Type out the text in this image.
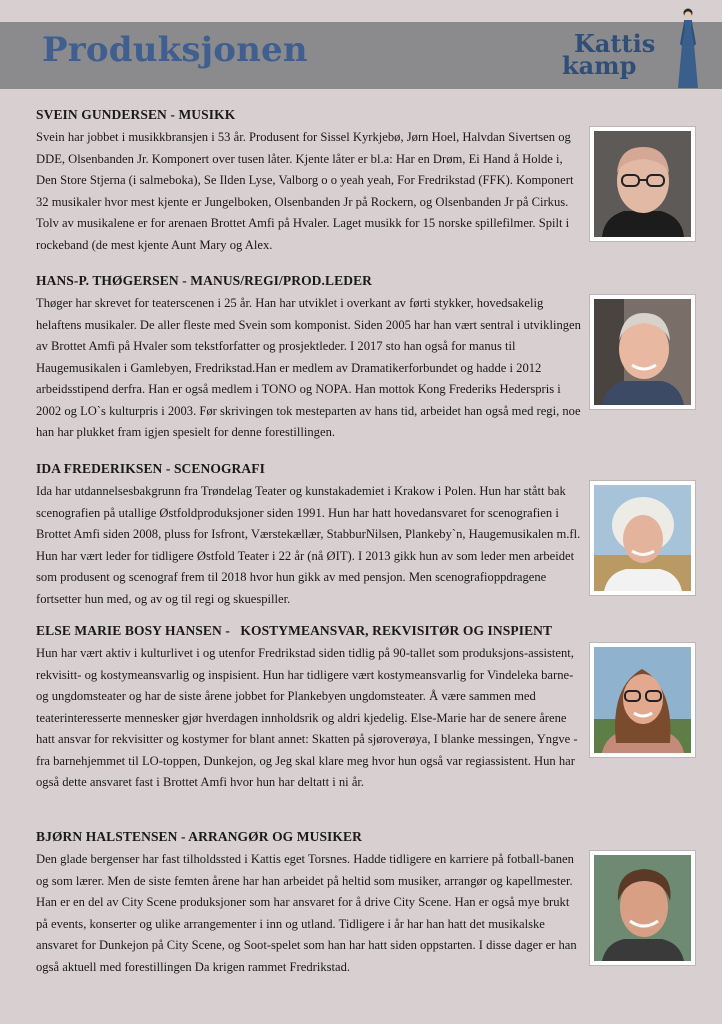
Produksjonen	Kattis
kamp
SVEIN GUNDERSEN - MUSIKK
Svein har jobbet i musikkbransjen i 53 år. Produsent for Sissel Kyrkjebø, Jørn Hoel, Halvdan Sivertsen og DDE, Olsenbanden Jr. Komponert over tusen låter. Kjente låter er bl.a: Har en Drøm, Ei Hand å Holde i, Den Store Stjerna (i salmeboka), Se Ilden Lyse, Valborg o o yeah yeah, For Fredrikstad (FFK). Komponert 32 musikaler hvor mest kjente er Jungelboken, Olsenbanden Jr på Rockern, og Olsenbanden Jr på Cirkus. Tolv av musikalene er for arenaen Brottet Amfi på Hvaler. Laget musikk for 15 norske spillefilmer. Spilt i rockeband (de mest kjente Aunt Mary og Alex.
HANS-P. THØGERSEN - MANUS/REGI/PROD.LEDER
Thøger har skrevet for teaterscenen i 25 år. Han har utviklet i overkant av førti stykker, hovedsakelig helaftens musikaler. De aller fleste med Svein som komponist. Siden 2005 har han vært sentral i utviklingen av Brottet Amfi på Hvaler som tekstforfatter og prosjektleder. I 2017 sto han også for manus til Haugemusikalen i Gamlebyen, Fredrikstad.Han er medlem av Dramatikerforbundet og hadde i 2012 arbeidsstipend derfra. Han er også medlem i TONO og NOPA. Han mottok Kong Frederiks Hederspris i 2002 og LO`s kulturpris i 2003. Før skrivingen tok mesteparten av hans tid, arbeidet han også med regi, noe han har plukket fram igjen spesielt for denne forestillingen.
IDA FREDERIKSEN - SCENOGRAFI
Ida har utdannelsesbakgrunn fra Trøndelag Teater og kunstakademiet i Krakow i Polen. Hun har stått bak scenografien på utallige Østfoldproduksjoner siden 1991. Hun har hatt hovedansvaret for scenografien i Brottet Amfi siden 2008, pluss for Isfront, Værstekællær, StabburNilsen, Plankeby`n, Haugemusikalen m.fl. Hun har vært leder for tidligere Østfold Teater i 22 år (nå ØIT). I 2013 gikk hun av som leder men arbeidet som produsent og scenograf frem til 2018 hvor hun gikk av med pensjon. Men scenografioppdragene fortsetter hun med, og av og til regi og skuespiller.
ELSE MARIE BOSY HANSEN -   KOSTYMEANSVAR, REKVISITØR OG INSPIENT
Hun har vært aktiv i kulturlivet i og utenfor Fredrikstad siden tidlig på 90-tallet som produksjons-assistent, rekvisitt- og kostymeansvarlig og inspisient. Hun har tidligere vært kostymeansvarlig for Vindeleka barne- og ungdomsteater og har de siste årene jobbet for Plankebyen ungdomsteater. Å være sammen med teaterinteresserte mennesker gjør hverdagen innholdsrik og aldri kjedelig. Else-Marie har de senere årene hatt ansvar for rekvisitter og kostymer for blant annet: Skatten på sjøroverøya, I blanke messingen, Yngve - fra barnehjemmet til LO-toppen, Dunkejon, og Jeg skal klare meg hvor hun også var regiassistent. Hun har også dette ansvaret fast i Brottet Amfi hvor hun har deltatt i ni år.
BJØRN HALSTENSEN - ARRANGØR OG MUSIKER
Den glade bergenser har fast tilholdssted i Kattis eget Torsnes. Hadde tidligere en karriere på fotball-banen og som lærer. Men de siste femten årene har han arbeidet på heltid som musiker, arrangør og kapellmester. Han er en del av City Scene produksjoner som har ansvaret for å drive City Scene. Han er også mye brukt på events, konserter og ulike arrangementer i inn og utland. Tidligere i år har han hatt det musikalske ansvaret for Dunkejon på City Scene, og Soot-spelet som han har hatt siden oppstarten. I disse dager er han også aktuell med forestillingen Da krigen rammet Fredrikstad.
